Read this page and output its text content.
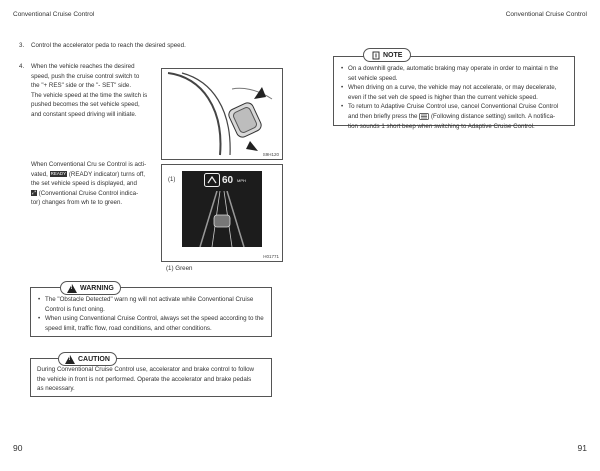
Conventional Cruise Control	Conventional Cruise Control
3. Control the accelerator peda to reach the desired speed.
4. When the vehicle reaches the desired
speed, push the cruise control switch to
the "+ RES" side or the "- SET" side.
The vehicle speed at the time the switch is
pushed becomes the set vehicle speed,
and constant speed driving will initiate.
S9H120
When Conventional Cru se Control is acti-
vated, READY (READY indicator) turns off,
the set vehicle speed is displayed, and
⤢ (Conventional Cruise Control indica-
tor) changes from wh te to green.
(1)	60 MPH
H01771
(1) Green
• The "Obstacle Detected" warn ng will not activate while Conventional Cruise Control is funct oning.
• When using Conventional Cruise Control, always set the speed according to the speed limit, traffic flow, road conditions, and other conditions.
!
WARNING
During Conventional Cruise Control use, accelerator and brake control to follow
the vehicle in front is not performed. Operate the accelerator and brake pedals
as necessary.
!
CAUTION
90
• On a downhill grade, automatic braking may operate in order to maintai n the
set vehicle speed.
• When driving on a curve, the vehicle may not accelerate, or may decelerate,
even if the set veh cle speed is higher than the current vehicle speed.
• To return to Adaptive Cruise Control use, cancel Conventional Cruise Control
and then briefly press the (Following distance setting) switch. A notifica-
tion sounds 1 short beep when switching to Adaptive Cruise Control.
NOTE
91
